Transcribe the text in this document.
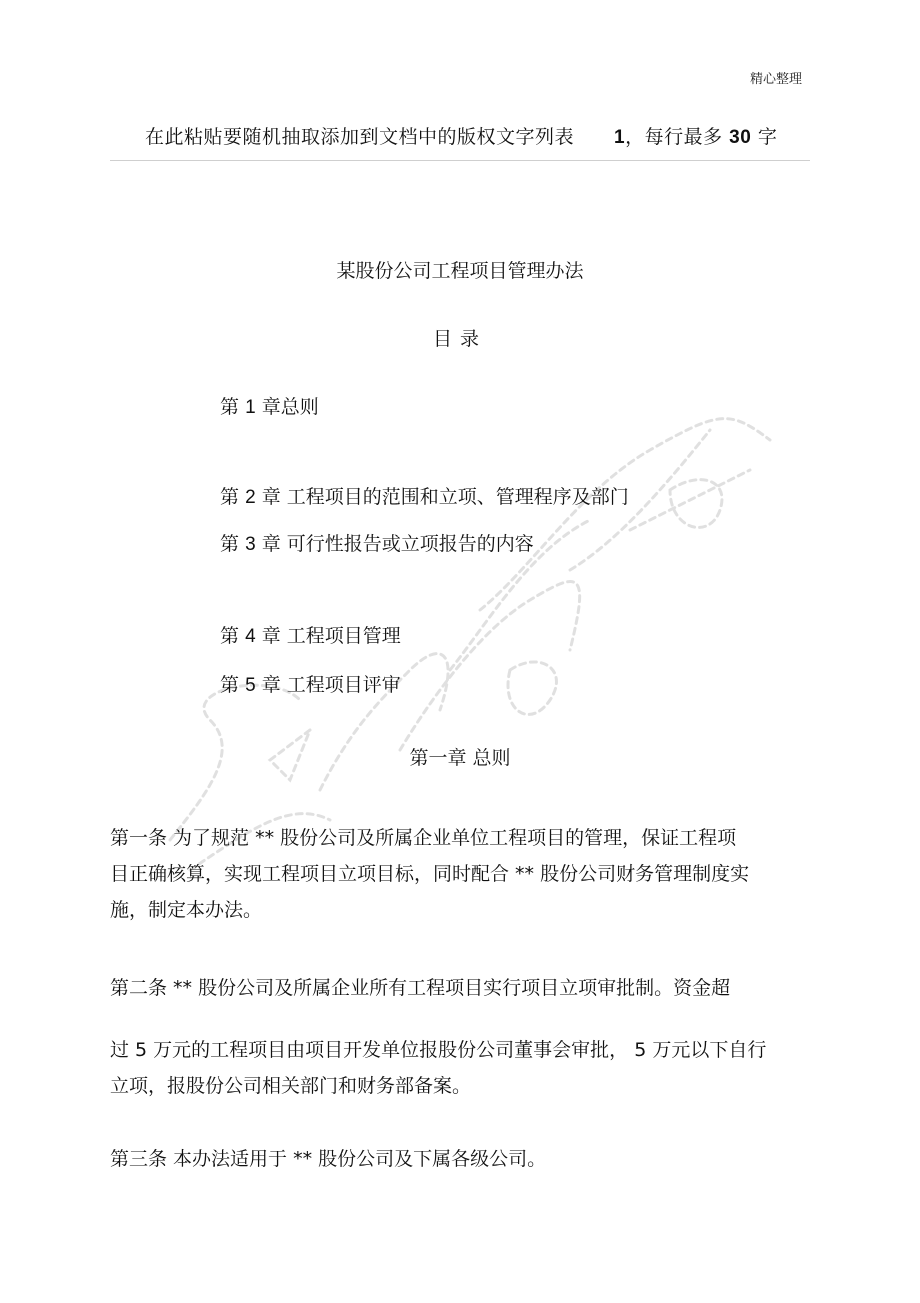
精心整理
在此粘贴要随机抽取添加到文档中的版权文字列表 1，每行最多 30 字
某股份公司工程项目管理办法
目录
第 1 章总则
第 2 章 工程项目的范围和立项、管理程序及部门
第 3 章 可行性报告或立项报告的内容
第 4 章 工程项目管理
第 5 章 工程项目评审
第一章 总则
第一条 为了规范 ** 股份公司及所属企业单位工程项目的管理，保证工程项
目正确核算，实现工程项目立项目标，同时配合 ** 股份公司财务管理制度实
施，制定本办法。
第二条 ** 股份公司及所属企业所有工程项目实行项目立项审批制。资金超
过 5 万元的工程项目由项目开发单位报股份公司董事会审批， 5 万元以下自行
立项，报股份公司相关部门和财务部备案。
第三条 本办法适用于 ** 股份公司及下属各级公司。
